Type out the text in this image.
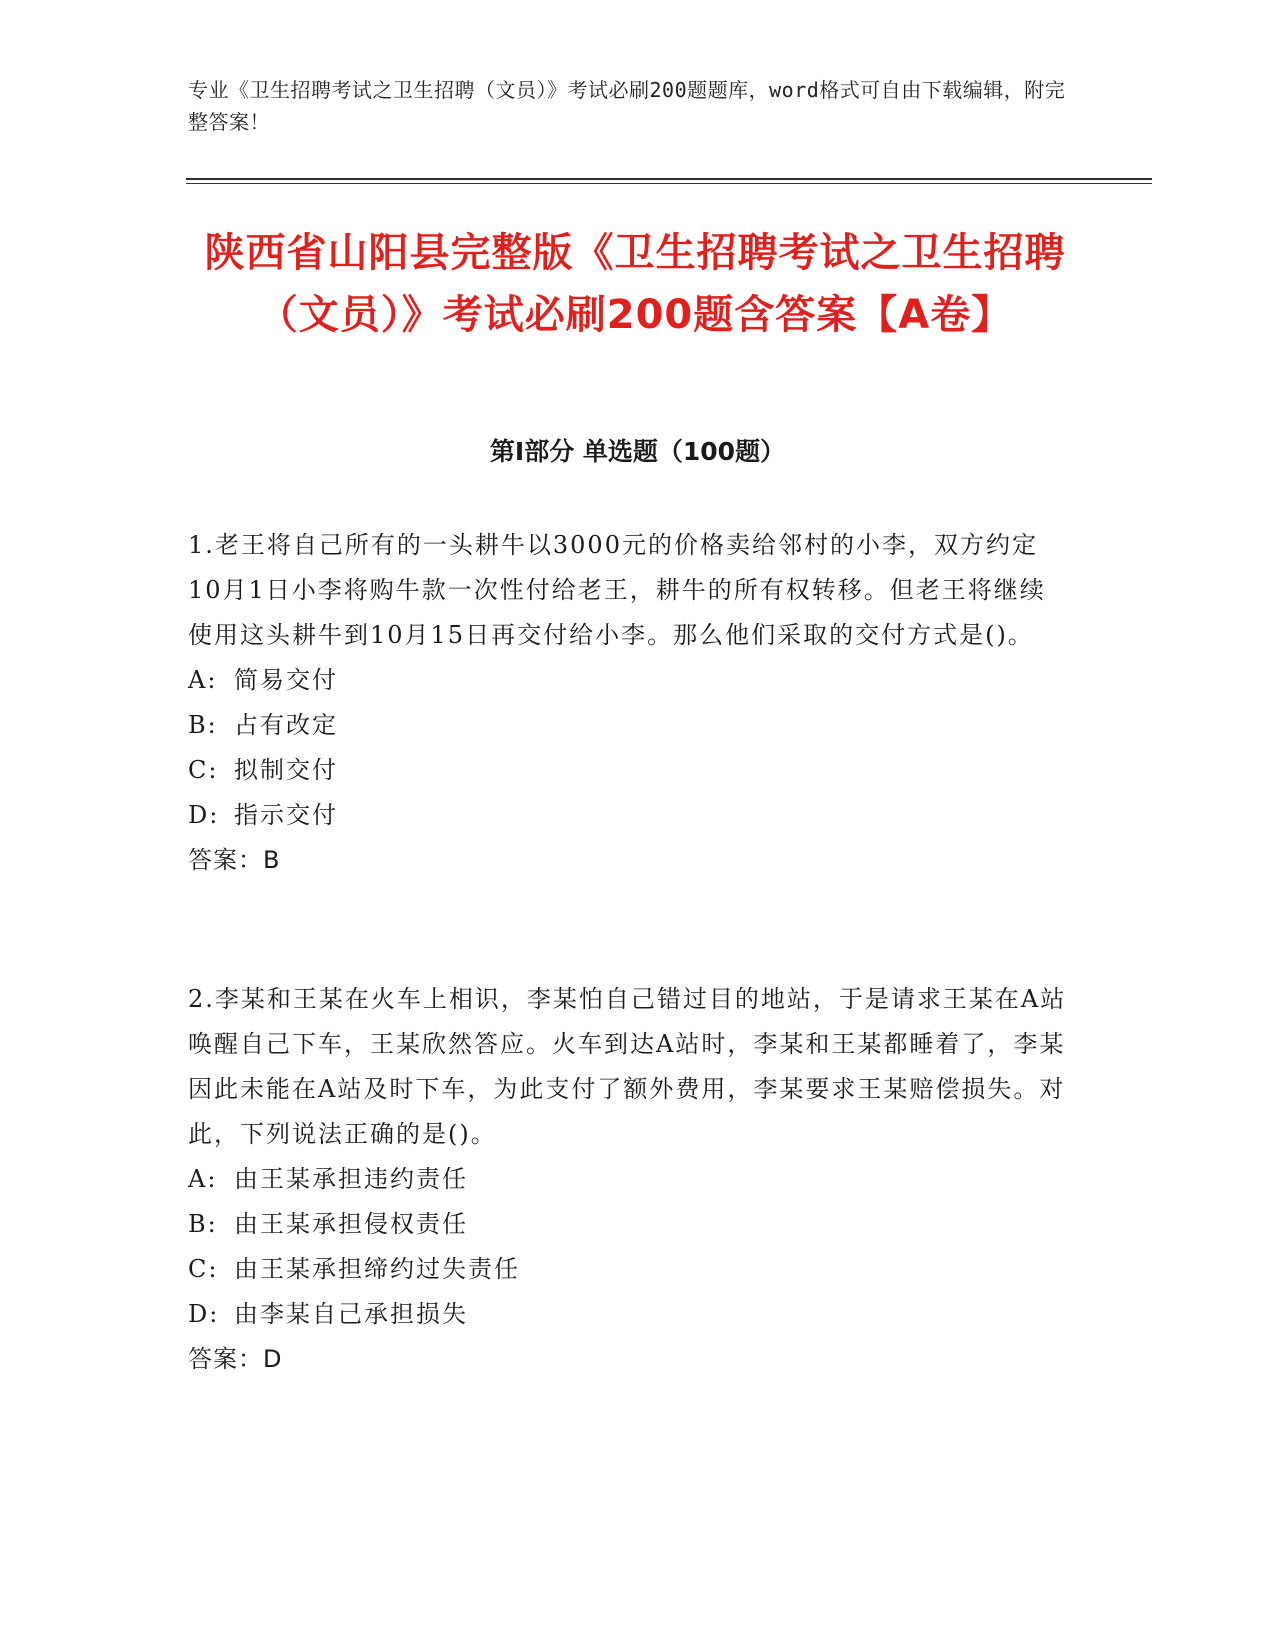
专业《卫生招聘考试之卫生招聘（文员）》考试必刷200题题库，word格式可自由下载编辑，附完整答案！
陕西省山阳县完整版《卫生招聘考试之卫生招聘（文员）》考试必刷200题含答案【A卷】
第Ⅰ部分 单选题（100题）

1.老王将自己所有的一头耕牛以3000元的价格卖给邻村的小李，双方约定10月1日小李将购牛款一次性付给老王，耕牛的所有权转移。但老王将继续使用这头耕牛到10月15日再交付给小李。那么他们采取的交付方式是()。

A: 简易交付

B: 占有改定

C: 拟制交付

D: 指示交付

答案：B

2.李某和王某在火车上相识，李某怕自己错过目的地站，于是请求王某在A站唤醒自己下车，王某欣然答应。火车到达A站时，李某和王某都睡着了，李某因此未能在A站及时下车，为此支付了额外费用，李某要求王某赔偿损失。对此，下列说法正确的是()。

A: 由王某承担违约责任

B: 由王某承担侵权责任

C: 由王某承担缔约过失责任

D: 由李某自己承担损失

答案：D
